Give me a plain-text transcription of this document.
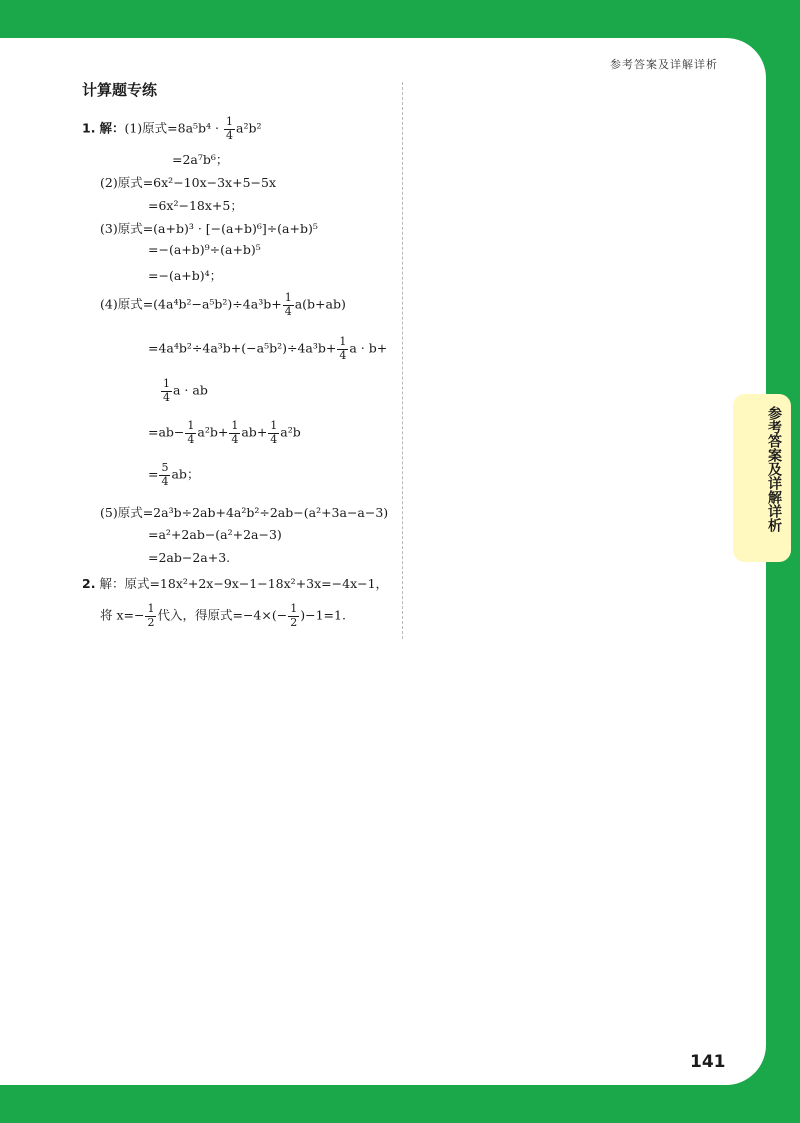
参考答案及详解详析
参考答案及详解详析
计算题专练
1. 解：(1)原式$=8a^5b^4 \cdot \frac{1}{4} a^2b^2$
=2a⁷b⁶；
(2)原式=6x²−10x−3x+5−5x
=6x²−18x+5；
(3)原式=(a+b)³ · [−(a+b)⁶]÷(a+b)⁵
=−(a+b)⁹÷(a+b)⁵
=−(a+b)⁴；
(4)原式$=(4a^4b^2-a^5b^2)\div 4a^3b+ \frac{1}{4} a(b+ab)$
$=4a^4b^2\div 4a^3b+(-a^5b^2)\div 4a^3b+ \frac{1}{4}$ a · b+
$\frac{1}{4}$ a · ab
$=ab- \frac{1}{4} a^2b+ \frac{1}{4} ab+ \frac{1}{4} a^2b$
= $\frac{5}{4}$ ab；
(5)原式=2a³b÷2ab+4a²b²÷2ab−(a²+3a−a−3)
=a²+2ab−(a²+2a−3)
=2ab−2a+3.
2. 解：原式=18x²+2x−9x−1−18x²+3x=−4x−1，
将 $x=- \frac{1}{2}$ 代入，得原式$=-4\times(- \frac{1}{2} )-1=1$.
141
